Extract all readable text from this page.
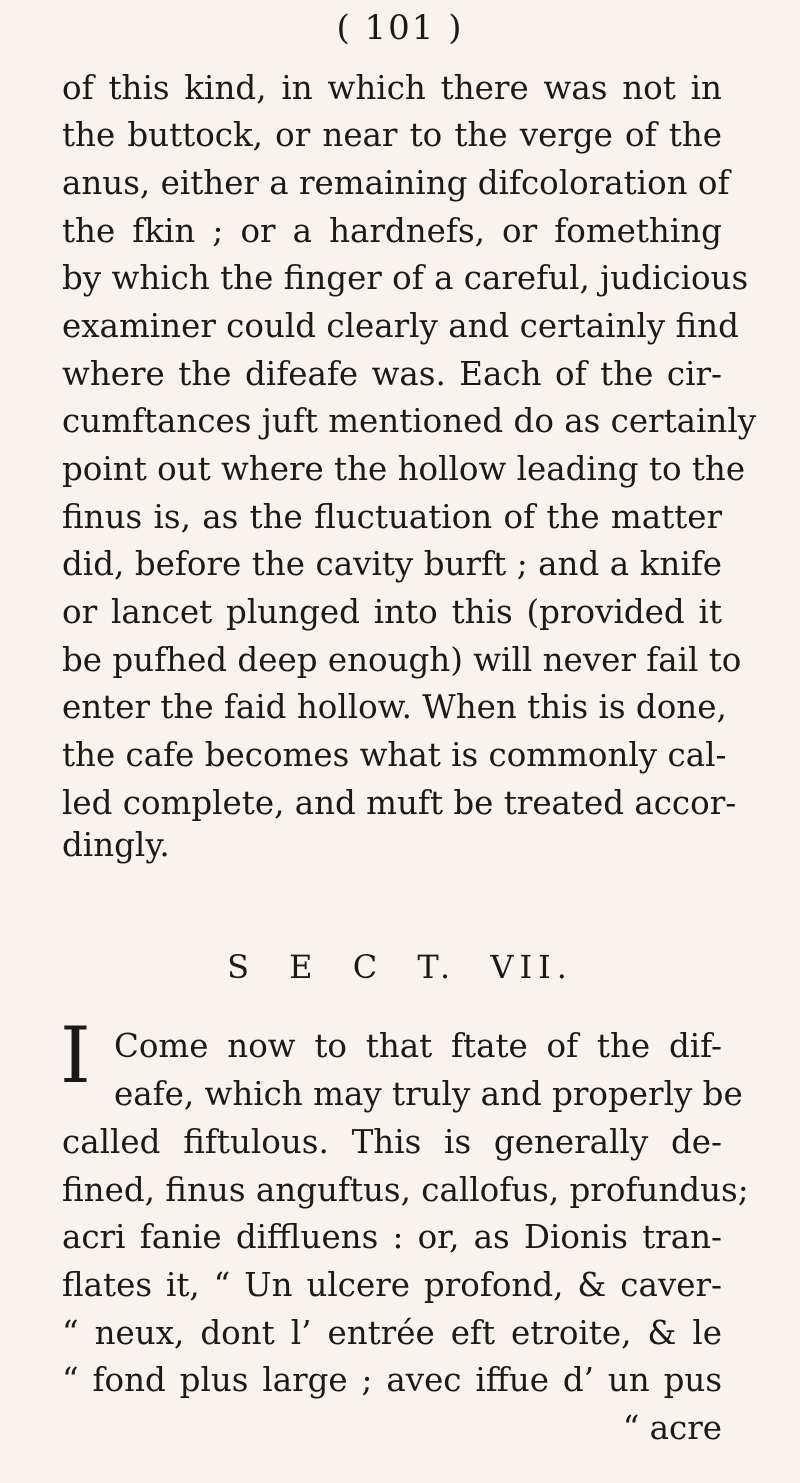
( 101 )
of this kind, in which there was not in
the buttock, or near to the verge of the
anus, either a remaining difcoloration of
the fkin ; or a hardnefs, or fomething
by which the finger of a careful, judicious
examiner could clearly and certainly find
where the difeafe was. Each of the cir-
cumftances juft mentioned do as certainly
point out where the hollow leading to the
finus is, as the fluctuation of the matter
did, before the cavity burft ; and a knife
or lancet plunged into this (provided it
be pufhed deep enough) will never fail to
enter the faid hollow. When this is done,
the cafe becomes what is commonly cal-
led complete, and muft be treated accor-
dingly.
S E C T. VII.
I Come now to that ftate of the dif-
eafe, which may truly and properly be
called fiftulous. This is generally de-
fined, finus anguftus, callofus, profundus;
acri fanie diffluens : or, as Dionis tran-
flates it, “ Un ulcere profond, & caver-
“ neux, dont l’ entrée eft etroite, & le
“ fond plus large ; avec iffue d’ un pus
“ acre
